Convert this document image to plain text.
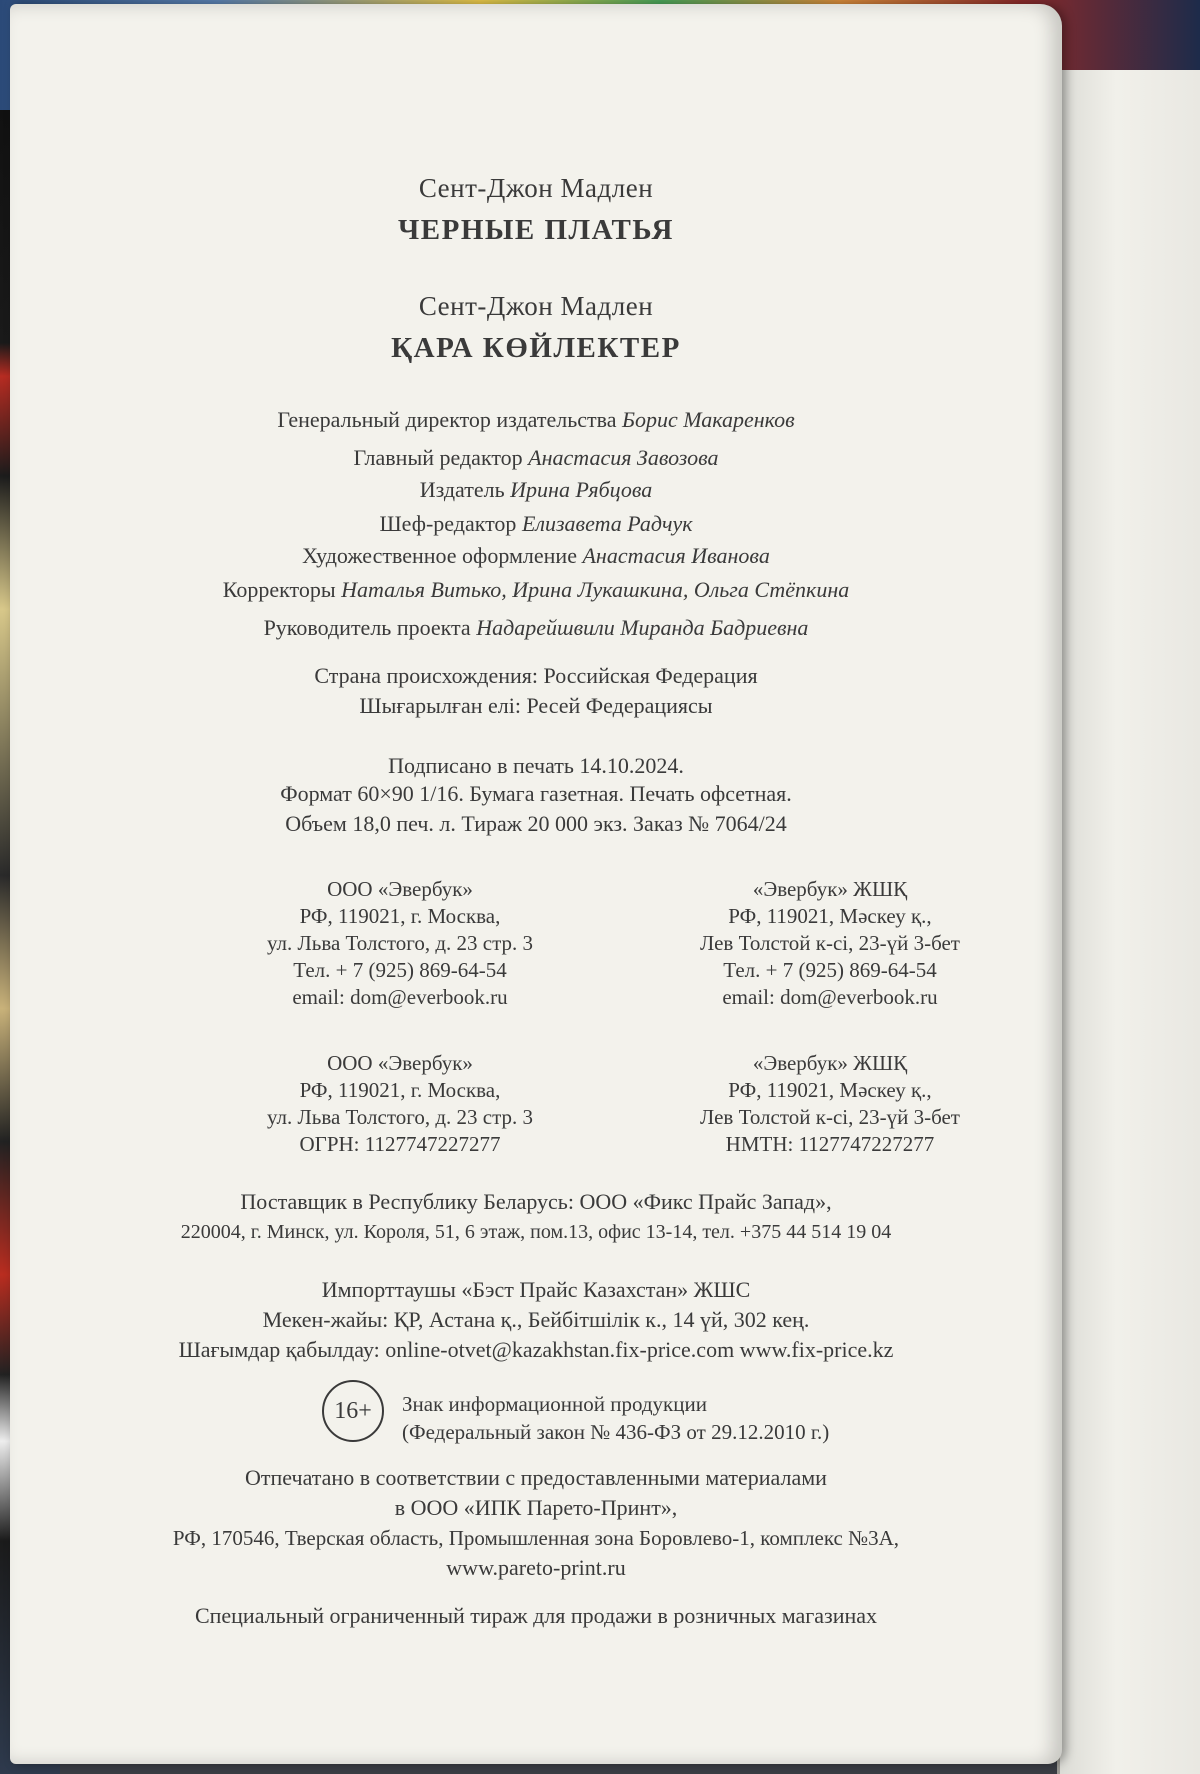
Сент-Джон Мадлен
ЧЕРНЫЕ ПЛАТЬЯ
Сент-Джон Мадлен
ҚАРА КӨЙЛЕКТЕР
Генеральный директор издательства Борис Макаренков
Главный редактор Анастасия Завозова
Издатель Ирина Рябцова
Шеф-редактор Елизавета Радчук
Художественное оформление Анастасия Иванова
Корректоры Наталья Витько, Ирина Лукашкина, Ольга Стёпкина
Руководитель проекта Надарейшвили Миранда Бадриевна
Страна происхождения: Российская Федерация
Шығарылған елі: Ресей Федерациясы
Подписано в печать 14.10.2024.
Формат 60×90 1/16. Бумага газетная. Печать офсетная.
Объем 18,0 печ. л. Тираж 20 000 экз. Заказ № 7064/24
ООО «Эвербук»
РФ, 119021, г. Москва,
ул. Льва Толстого, д. 23 стр. 3
Тел. + 7 (925) 869-64-54
email: dom@everbook.ru
«Эвербук» ЖШҚ
РФ, 119021, Мәскеу қ.,
Лев Толстой к-сі, 23-үй 3-бет
Тел. + 7 (925) 869-64-54
email: dom@everbook.ru
ООО «Эвербук»
РФ, 119021, г. Москва,
ул. Льва Толстого, д. 23 стр. 3
ОГРН: 1127747227277
«Эвербук» ЖШҚ
РФ, 119021, Мәскеу қ.,
Лев Толстой к-сі, 23-үй 3-бет
НМТН: 1127747227277
Поставщик в Республику Беларусь: ООО «Фикс Прайс Запад»,
220004, г. Минск, ул. Короля, 51, 6 этаж, пом.13, офис 13-14, тел. +375 44 514 19 04
Импорттаушы «Бэст Прайс Казахстан» ЖШС
Мекен-жайы: ҚР, Астана қ., Бейбітшілік к., 14 үй, 302 кең.
Шағымдар қабылдау: online-otvet@kazakhstan.fix-price.com www.fix-price.kz
16+	Знак информационной продукции
(Федеральный закон № 436-ФЗ от 29.12.2010 г.)
Отпечатано в соответствии с предоставленными материалами
в ООО «ИПК Парето-Принт»,
РФ, 170546, Тверская область, Промышленная зона Боровлево-1, комплекс №3А,
www.pareto-print.ru
Специальный ограниченный тираж для продажи в розничных магазинах
